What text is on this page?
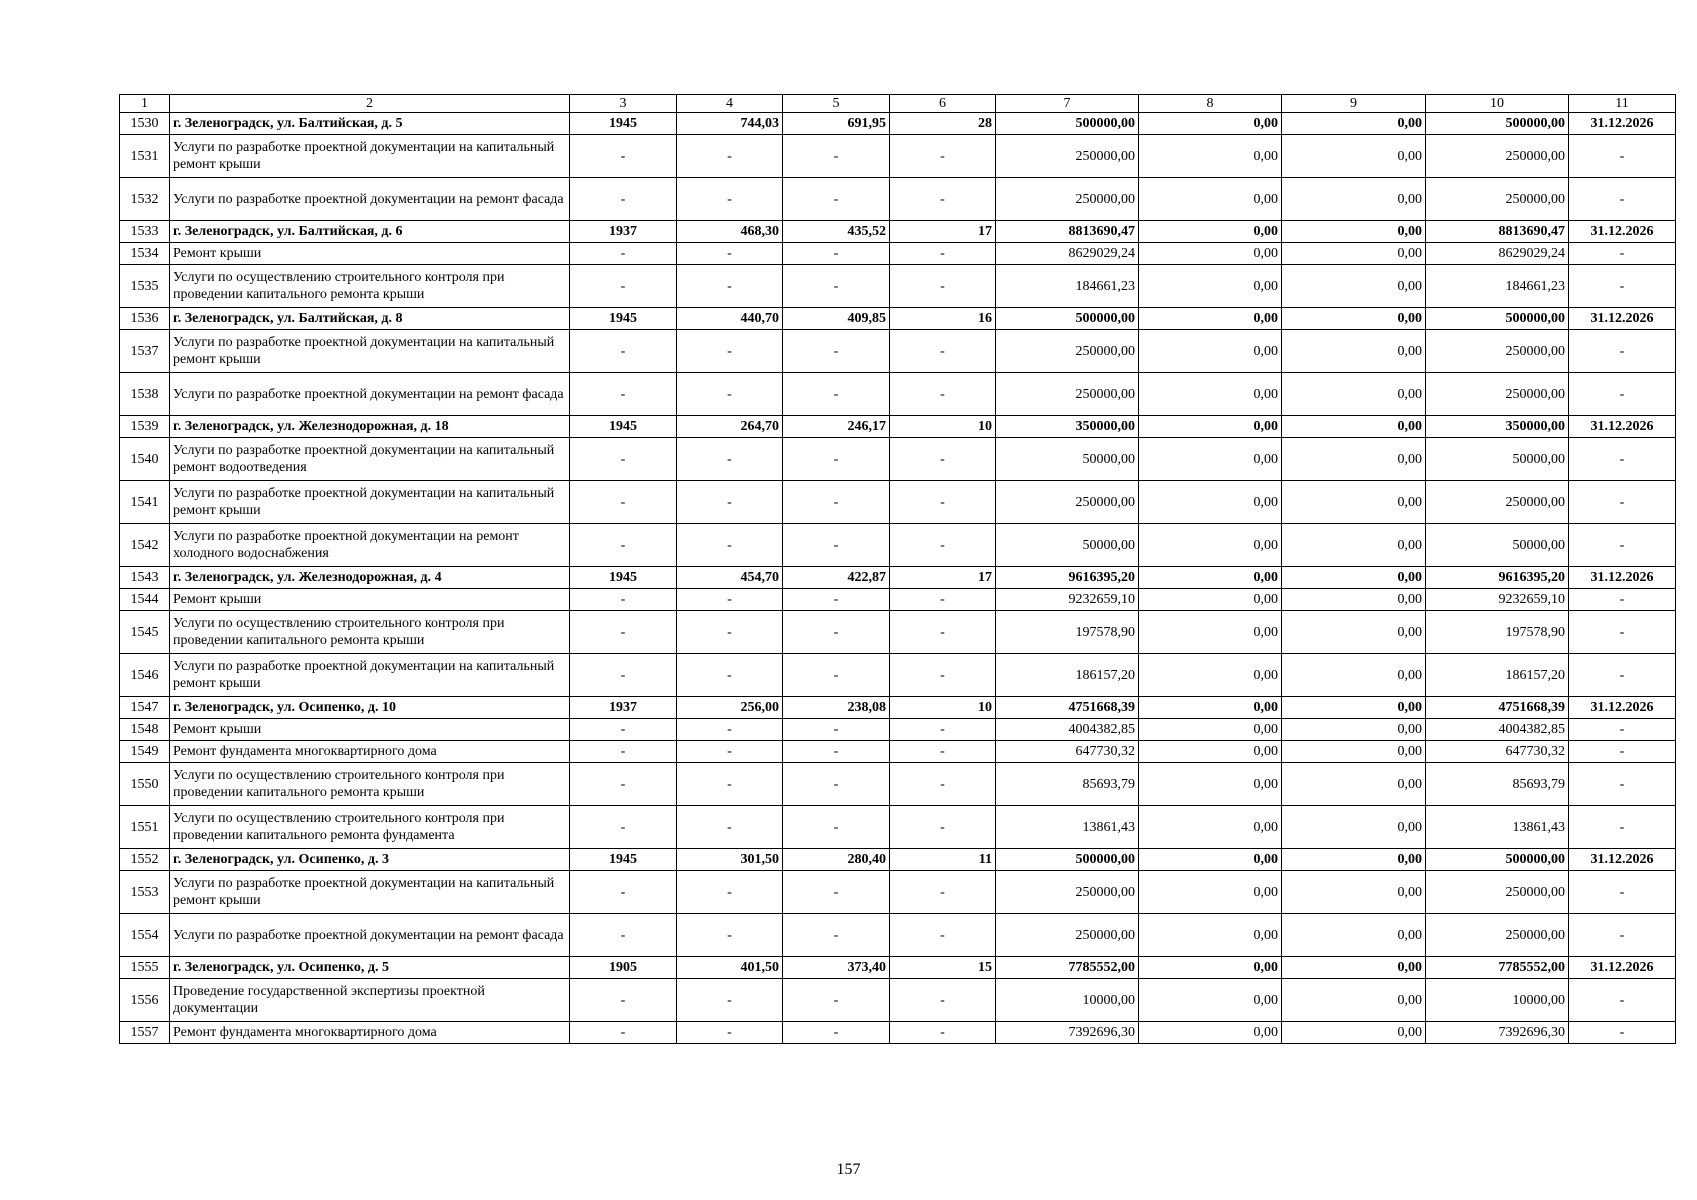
1	2	3	4	5	6	7	8	9	10	11
1530	г. Зеленоградск, ул. Балтийская, д. 5	1945	744,03	691,95	28	500000,00	0,00	0,00	500000,00	31.12.2026
1531	Услуги по разработке проектной документации на капитальный ремонт крыши	-	-	-	-	250000,00	0,00	0,00	250000,00	-
1532	Услуги по разработке проектной документации на ремонт фасада	-	-	-	-	250000,00	0,00	0,00	250000,00	-
1533	г. Зеленоградск, ул. Балтийская, д. 6	1937	468,30	435,52	17	8813690,47	0,00	0,00	8813690,47	31.12.2026
1534	Ремонт крыши	-	-	-	-	8629029,24	0,00	0,00	8629029,24	-
1535	Услуги по осуществлению строительного контроля при проведении капитального ремонта крыши	-	-	-	-	184661,23	0,00	0,00	184661,23	-
1536	г. Зеленоградск, ул. Балтийская, д. 8	1945	440,70	409,85	16	500000,00	0,00	0,00	500000,00	31.12.2026
1537	Услуги по разработке проектной документации на капитальный ремонт крыши	-	-	-	-	250000,00	0,00	0,00	250000,00	-
1538	Услуги по разработке проектной документации на ремонт фасада	-	-	-	-	250000,00	0,00	0,00	250000,00	-
1539	г. Зеленоградск, ул. Железнодорожная, д. 18	1945	264,70	246,17	10	350000,00	0,00	0,00	350000,00	31.12.2026
1540	Услуги по разработке проектной документации на капитальный ремонт водоотведения	-	-	-	-	50000,00	0,00	0,00	50000,00	-
1541	Услуги по разработке проектной документации на капитальный ремонт крыши	-	-	-	-	250000,00	0,00	0,00	250000,00	-
1542	Услуги по разработке проектной документации на ремонт холодного водоснабжения	-	-	-	-	50000,00	0,00	0,00	50000,00	-
1543	г. Зеленоградск, ул. Железнодорожная, д. 4	1945	454,70	422,87	17	9616395,20	0,00	0,00	9616395,20	31.12.2026
1544	Ремонт крыши	-	-	-	-	9232659,10	0,00	0,00	9232659,10	-
1545	Услуги по осуществлению строительного контроля при проведении капитального ремонта крыши	-	-	-	-	197578,90	0,00	0,00	197578,90	-
1546	Услуги по разработке проектной документации на капитальный ремонт крыши	-	-	-	-	186157,20	0,00	0,00	186157,20	-
1547	г. Зеленоградск, ул. Осипенко, д. 10	1937	256,00	238,08	10	4751668,39	0,00	0,00	4751668,39	31.12.2026
1548	Ремонт крыши	-	-	-	-	4004382,85	0,00	0,00	4004382,85	-
1549	Ремонт фундамента многоквартирного дома	-	-	-	-	647730,32	0,00	0,00	647730,32	-
1550	Услуги по осуществлению строительного контроля при проведении капитального ремонта крыши	-	-	-	-	85693,79	0,00	0,00	85693,79	-
1551	Услуги по осуществлению строительного контроля при проведении капитального ремонта фундамента	-	-	-	-	13861,43	0,00	0,00	13861,43	-
1552	г. Зеленоградск, ул. Осипенко, д. 3	1945	301,50	280,40	11	500000,00	0,00	0,00	500000,00	31.12.2026
1553	Услуги по разработке проектной документации на капитальный ремонт крыши	-	-	-	-	250000,00	0,00	0,00	250000,00	-
1554	Услуги по разработке проектной документации на ремонт фасада	-	-	-	-	250000,00	0,00	0,00	250000,00	-
1555	г. Зеленоградск, ул. Осипенко, д. 5	1905	401,50	373,40	15	7785552,00	0,00	0,00	7785552,00	31.12.2026
1556	Проведение государственной экспертизы проектной документации	-	-	-	-	10000,00	0,00	0,00	10000,00	-
1557	Ремонт фундамента многоквартирного дома	-	-	-	-	7392696,30	0,00	0,00	7392696,30	-
157
